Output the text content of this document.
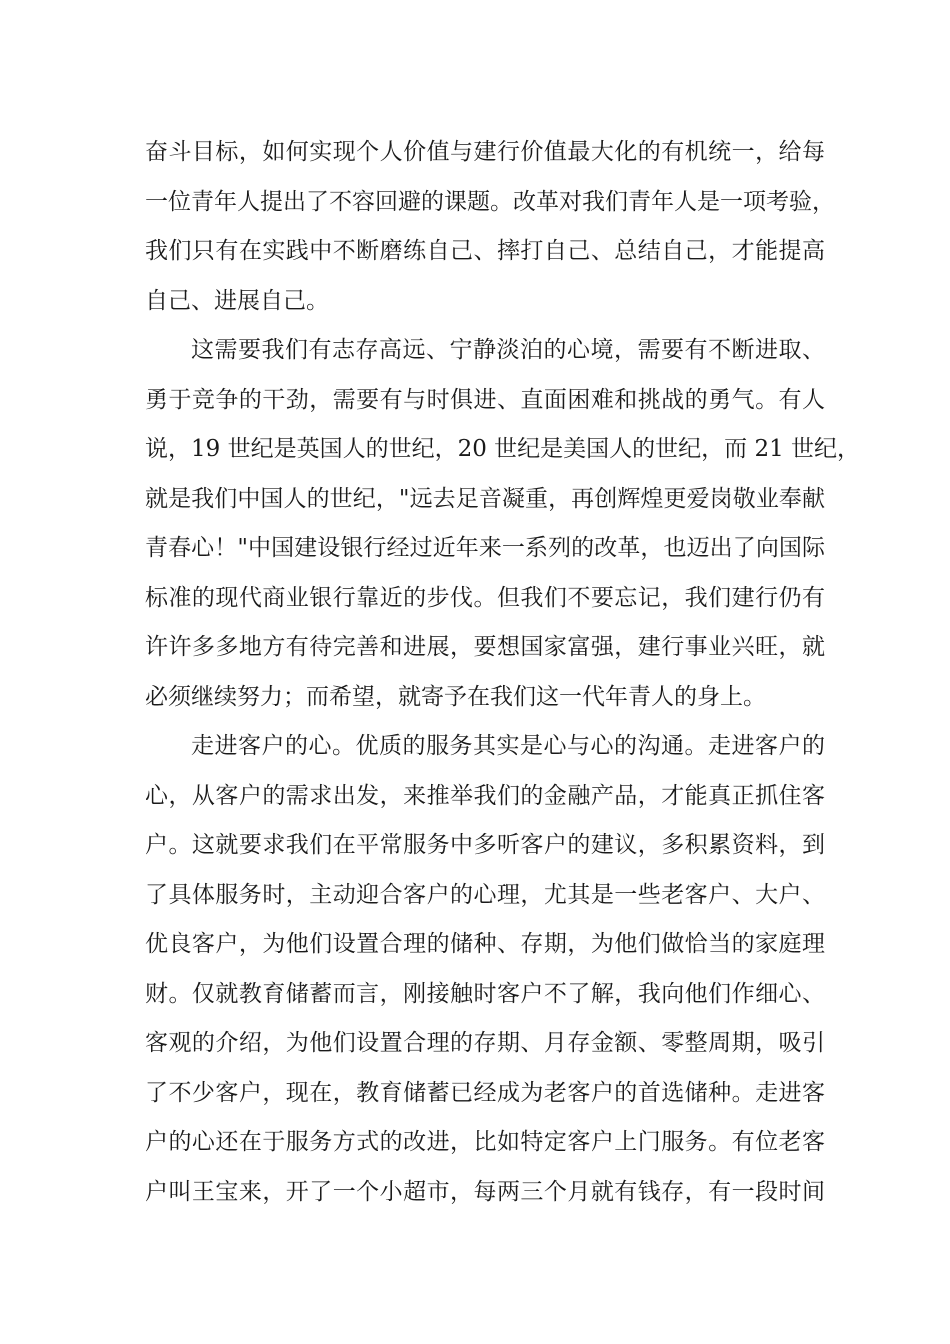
奋斗目标，如何实现个人价值与建行价值最大化的有机统一，给每
一位青年人提出了不容回避的课题。改革对我们青年人是一项考验，
我们只有在实践中不断磨练自己、摔打自己、总结自己，才能提高
自己、进展自己。
这需要我们有志存高远、宁静淡泊的心境，需要有不断进取、
勇于竞争的干劲，需要有与时俱进、直面困难和挑战的勇气。有人
说，19 世纪是英国人的世纪，20 世纪是美国人的世纪，而 21 世纪，
就是我们中国人的世纪，"远去足音凝重，再创辉煌更爱岗敬业奉献
青春心！"中国建设银行经过近年来一系列的改革，也迈出了向国际
标准的现代商业银行靠近的步伐。但我们不要忘记，我们建行仍有
许许多多地方有待完善和进展，要想国家富强，建行事业兴旺，就
必须继续努力；而希望，就寄予在我们这一代年青人的身上。
走进客户的心。优质的服务其实是心与心的沟通。走进客户的
心，从客户的需求出发，来推举我们的金融产品，才能真正抓住客
户。这就要求我们在平常服务中多听客户的建议，多积累资料，到
了具体服务时，主动迎合客户的心理，尤其是一些老客户、大户、
优良客户，为他们设置合理的储种、存期，为他们做恰当的家庭理
财。仅就教育储蓄而言，刚接触时客户不了解，我向他们作细心、
客观的介绍，为他们设置合理的存期、月存金额、零整周期，吸引
了不少客户，现在，教育储蓄已经成为老客户的首选储种。走进客
户的心还在于服务方式的改进，比如特定客户上门服务。有位老客
户叫王宝来，开了一个小超市，每两三个月就有钱存，有一段时间
